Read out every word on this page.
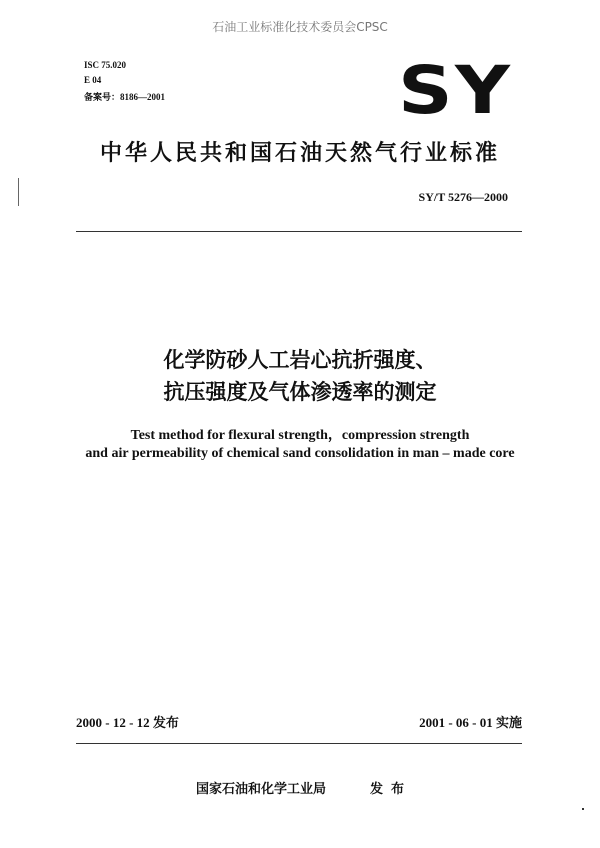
石油工业标准化技术委员会CPSC
ISC 75.020
E 04
备案号：8186—2001	SY
中华人民共和国石油天然气行业标准
SY/T 5276—2000
化学防砂人工岩心抗折强度、
抗压强度及气体渗透率的测定
Test method for flexural strength，compression strength
and air permeability of chemical sand consolidation in man – made core
2000 - 12 - 12 发布	2001 - 06 - 01 实施
国家石油和化学工业局	发布
